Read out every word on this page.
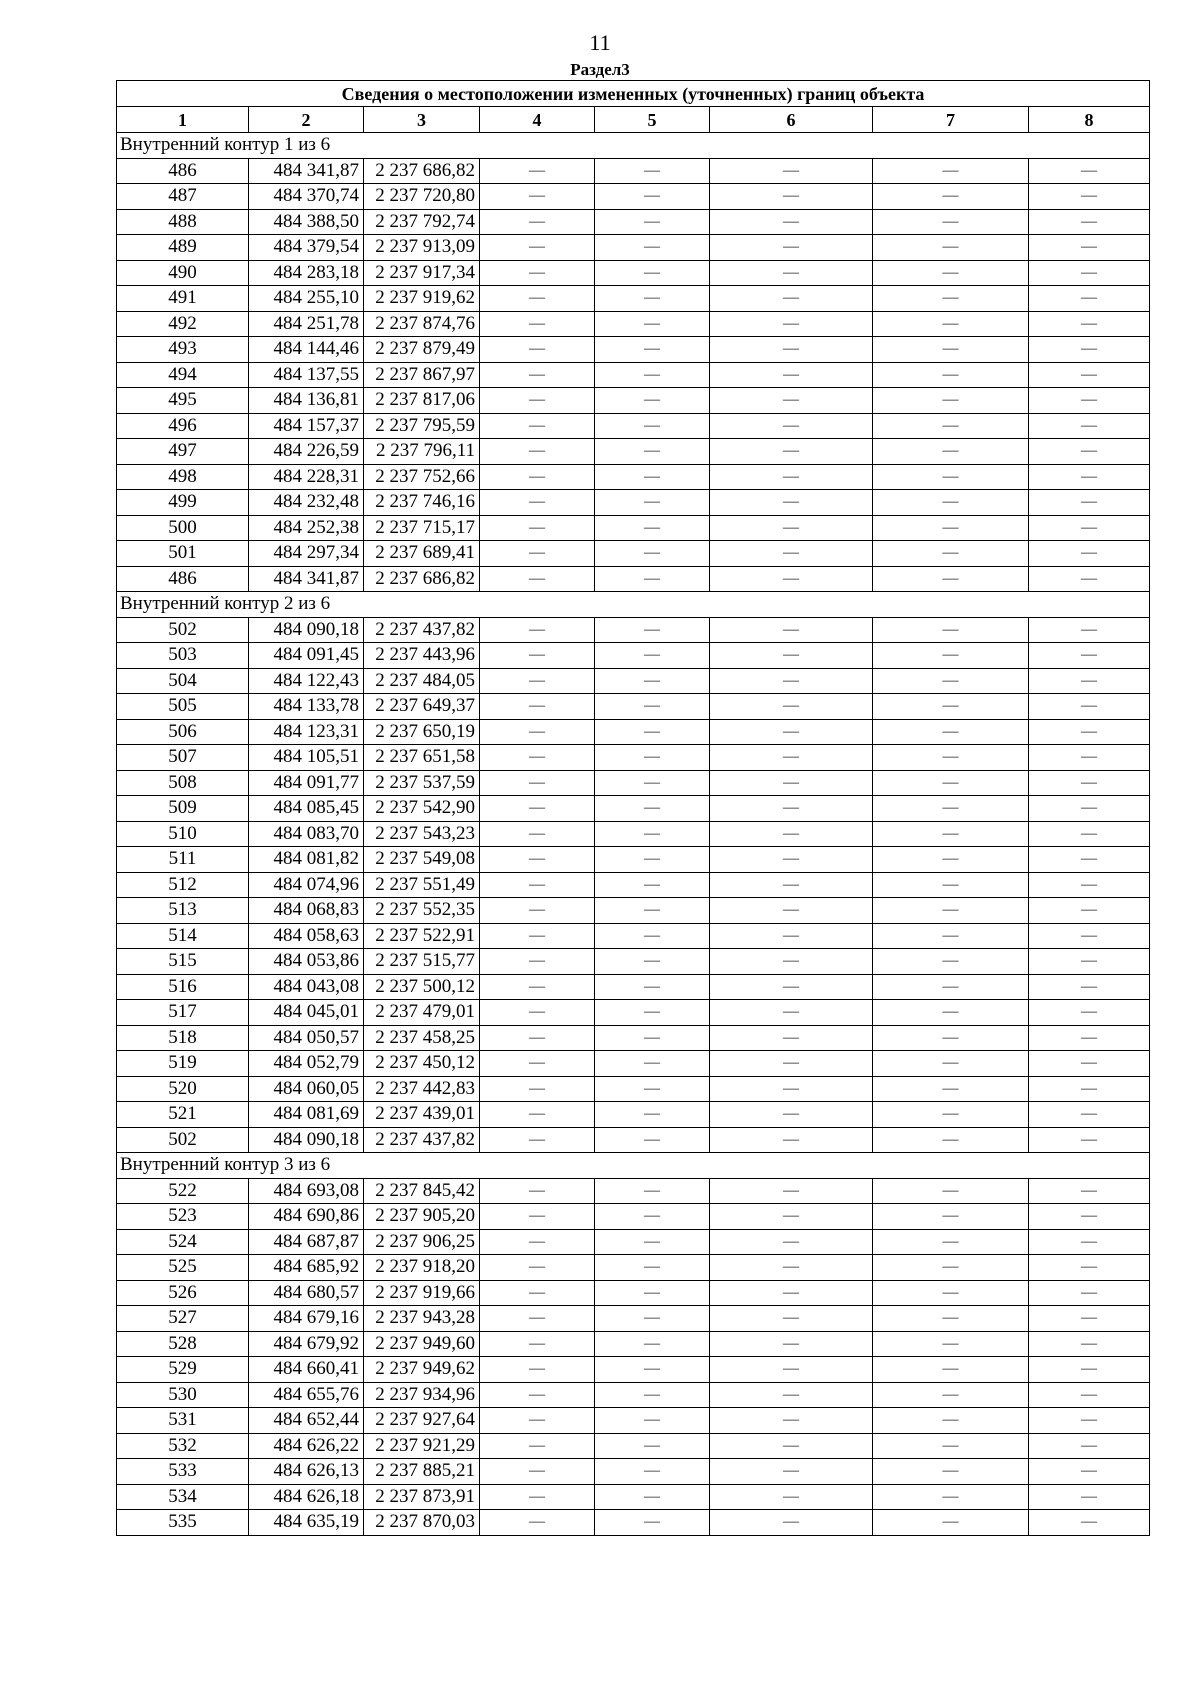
11
Раздел3
Сведения о местоположении измененных (уточненных) границ объекта							
1	2	3	4	5	6	7	8
Внутренний контур 1 из 6							
486	484 341,87	2 237 686,82	—	—	—	—	—
487	484 370,74	2 237 720,80	—	—	—	—	—
488	484 388,50	2 237 792,74	—	—	—	—	—
489	484 379,54	2 237 913,09	—	—	—	—	—
490	484 283,18	2 237 917,34	—	—	—	—	—
491	484 255,10	2 237 919,62	—	—	—	—	—
492	484 251,78	2 237 874,76	—	—	—	—	—
493	484 144,46	2 237 879,49	—	—	—	—	—
494	484 137,55	2 237 867,97	—	—	—	—	—
495	484 136,81	2 237 817,06	—	—	—	—	—
496	484 157,37	2 237 795,59	—	—	—	—	—
497	484 226,59	2 237 796,11	—	—	—	—	—
498	484 228,31	2 237 752,66	—	—	—	—	—
499	484 232,48	2 237 746,16	—	—	—	—	—
500	484 252,38	2 237 715,17	—	—	—	—	—
501	484 297,34	2 237 689,41	—	—	—	—	—
486	484 341,87	2 237 686,82	—	—	—	—	—
Внутренний контур 2 из 6							
502	484 090,18	2 237 437,82	—	—	—	—	—
503	484 091,45	2 237 443,96	—	—	—	—	—
504	484 122,43	2 237 484,05	—	—	—	—	—
505	484 133,78	2 237 649,37	—	—	—	—	—
506	484 123,31	2 237 650,19	—	—	—	—	—
507	484 105,51	2 237 651,58	—	—	—	—	—
508	484 091,77	2 237 537,59	—	—	—	—	—
509	484 085,45	2 237 542,90	—	—	—	—	—
510	484 083,70	2 237 543,23	—	—	—	—	—
511	484 081,82	2 237 549,08	—	—	—	—	—
512	484 074,96	2 237 551,49	—	—	—	—	—
513	484 068,83	2 237 552,35	—	—	—	—	—
514	484 058,63	2 237 522,91	—	—	—	—	—
515	484 053,86	2 237 515,77	—	—	—	—	—
516	484 043,08	2 237 500,12	—	—	—	—	—
517	484 045,01	2 237 479,01	—	—	—	—	—
518	484 050,57	2 237 458,25	—	—	—	—	—
519	484 052,79	2 237 450,12	—	—	—	—	—
520	484 060,05	2 237 442,83	—	—	—	—	—
521	484 081,69	2 237 439,01	—	—	—	—	—
502	484 090,18	2 237 437,82	—	—	—	—	—
Внутренний контур 3 из 6							
522	484 693,08	2 237 845,42	—	—	—	—	—
523	484 690,86	2 237 905,20	—	—	—	—	—
524	484 687,87	2 237 906,25	—	—	—	—	—
525	484 685,92	2 237 918,20	—	—	—	—	—
526	484 680,57	2 237 919,66	—	—	—	—	—
527	484 679,16	2 237 943,28	—	—	—	—	—
528	484 679,92	2 237 949,60	—	—	—	—	—
529	484 660,41	2 237 949,62	—	—	—	—	—
530	484 655,76	2 237 934,96	—	—	—	—	—
531	484 652,44	2 237 927,64	—	—	—	—	—
532	484 626,22	2 237 921,29	—	—	—	—	—
533	484 626,13	2 237 885,21	—	—	—	—	—
534	484 626,18	2 237 873,91	—	—	—	—	—
535	484 635,19	2 237 870,03	—	—	—	—	—
